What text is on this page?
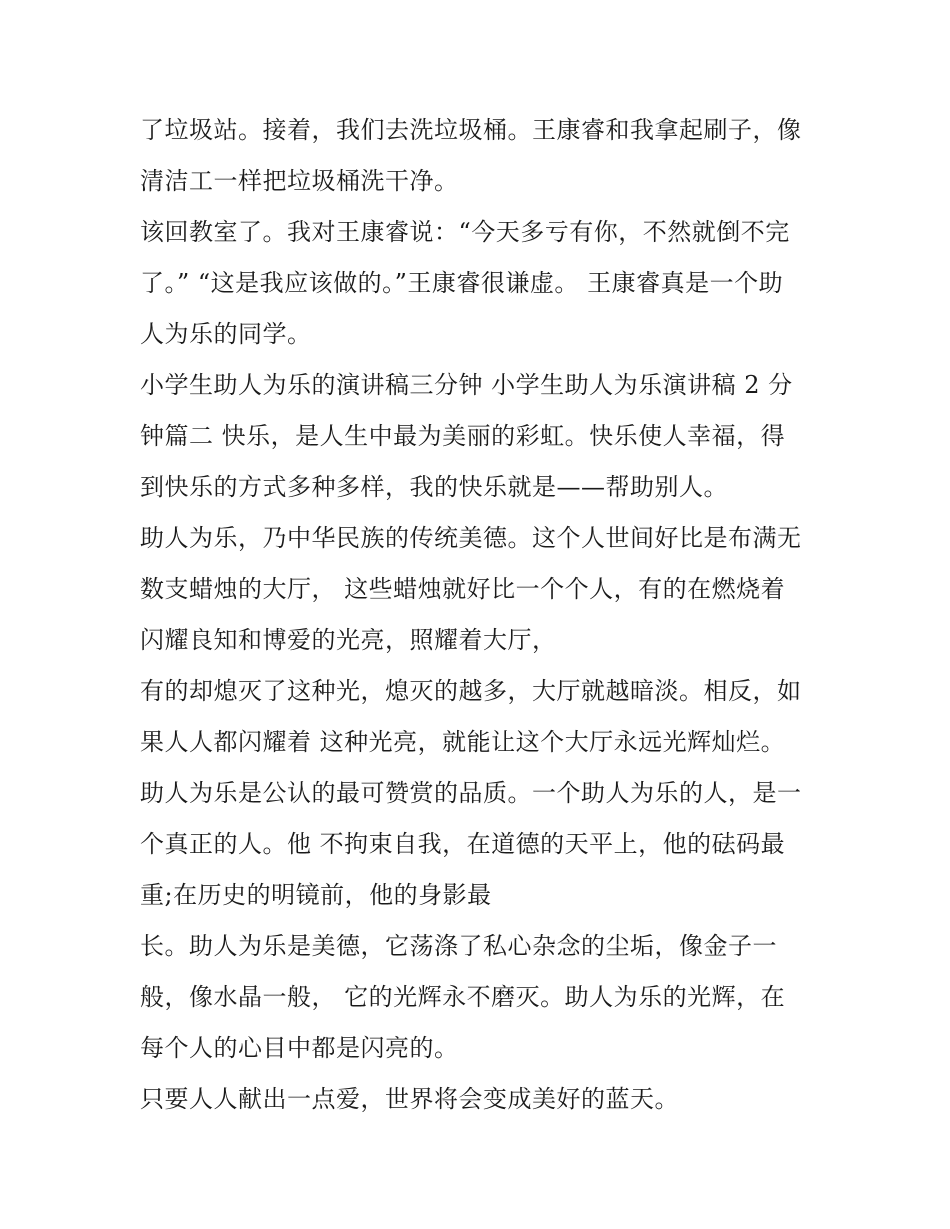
了垃圾站。接着，我们去洗垃圾桶。王康睿和我拿起刷子，像
清洁工一样把垃圾桶洗干净。
该回教室了。我对王康睿说：“今天多亏有你，不然就倒不完
了。” “这是我应该做的。”王康睿很谦虚。 王康睿真是一个助
人为乐的同学。
小学生助人为乐的演讲稿三分钟 小学生助人为乐演讲稿 2 分
钟篇二 快乐，是人生中最为美丽的彩虹。快乐使人幸福，得
到快乐的方式多种多样，我的快乐就是——帮助别人。
助人为乐，乃中华民族的传统美德。这个人世间好比是布满无
数支蜡烛的大厅， 这些蜡烛就好比一个个人，有的在燃烧着
闪耀良知和博爱的光亮，照耀着大厅，
有的却熄灭了这种光，熄灭的越多，大厅就越暗淡。相反，如
果人人都闪耀着 这种光亮，就能让这个大厅永远光辉灿烂。
助人为乐是公认的最可赞赏的品质。一个助人为乐的人，是一
个真正的人。他 不拘束自我，在道德的天平上，他的砝码最
重;在历史的明镜前，他的身影最
长。助人为乐是美德，它荡涤了私心杂念的尘垢，像金子一
般，像水晶一般， 它的光辉永不磨灭。助人为乐的光辉，在
每个人的心目中都是闪亮的。
只要人人献出一点爱，世界将会变成美好的蓝天。
